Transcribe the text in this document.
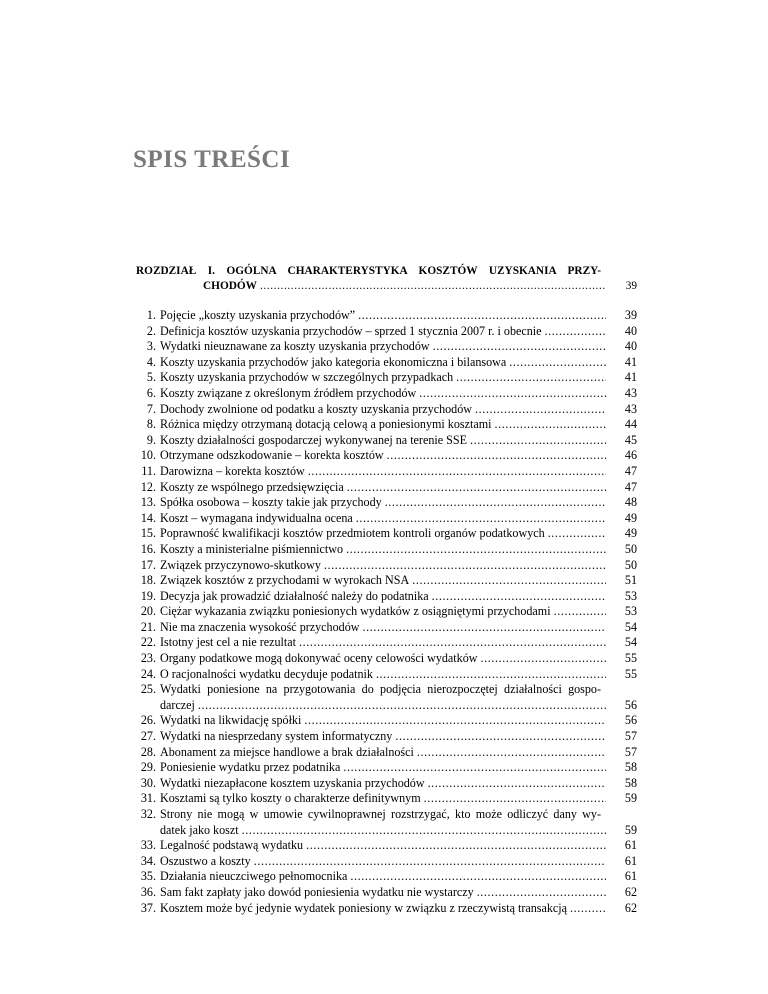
SPIS TREŚCI
ROZDZIAŁ I. OGÓLNA CHARAKTERYSTYKA KOSZTÓW UZYSKANIA PRZY-
CHODÓW .....	39
1. Pojęcie „koszty uzyskania przychodów” .....	39
2. Definicja kosztów uzyskania przychodów – sprzed 1 stycznia 2007 r. i obecnie .....	40
3. Wydatki nieuznawane za koszty uzyskania przychodów .....	40
4. Koszty uzyskania przychodów jako kategoria ekonomiczna i bilansowa .....	41
5. Koszty uzyskania przychodów w szczególnych przypadkach .....	41
6. Koszty związane z określonym źródłem przychodów .....	43
7. Dochody zwolnione od podatku a koszty uzyskania przychodów .....	43
8. Różnica między otrzymaną dotacją celową a poniesionymi kosztami .....	44
9. Koszty działalności gospodarczej wykonywanej na terenie SSE .....	45
10. Otrzymane odszkodowanie – korekta kosztów .....	46
11. Darowizna – korekta kosztów .....	47
12. Koszty ze wspólnego przedsięwzięcia .....	47
13. Spółka osobowa – koszty takie jak przychody .....	48
14. Koszt – wymagana indywidualna ocena .....	49
15. Poprawność kwalifikacji kosztów przedmiotem kontroli organów podatkowych .....	49
16. Koszty a ministerialne piśmiennictwo .....	50
17. Związek przyczynowo-skutkowy .....	50
18. Związek kosztów z przychodami w wyrokach NSA .....	51
19. Decyzja jak prowadzić działalność należy do podatnika .....	53
20. Ciężar wykazania związku poniesionych wydatków z osiągniętymi przychodami .....	53
21. Nie ma znaczenia wysokość przychodów .....	54
22. Istotny jest cel a nie rezultat .....	54
23. Organy podatkowe mogą dokonywać oceny celowości wydatków .....	55
24. O racjonalności wydatku decyduje podatnik .....	55
25. Wydatki poniesione na przygotowania do podjęcia nierozpoczętej działalności gospo-
darczej .....	56
26. Wydatki na likwidację spółki .....	56
27. Wydatki na niesprzedany system informatyczny .....	57
28. Abonament za miejsce handlowe a brak działalności .....	57
29. Poniesienie wydatku przez podatnika .....	58
30. Wydatki niezapłacone kosztem uzyskania przychodów .....	58
31. Kosztami są tylko koszty o charakterze definitywnym .....	59
32. Strony nie mogą w umowie cywilnoprawnej rozstrzygać, kto może odliczyć dany wy-
datek jako koszt .....	59
33. Legalność podstawą wydatku .....	61
34. Oszustwo a koszty .....	61
35. Działania nieuczciwego pełnomocnika .....	61
36. Sam fakt zapłaty jako dowód poniesienia wydatku nie wystarczy .....	62
37. Kosztem może być jedynie wydatek poniesiony w związku z rzeczywistą transakcją .....	62
